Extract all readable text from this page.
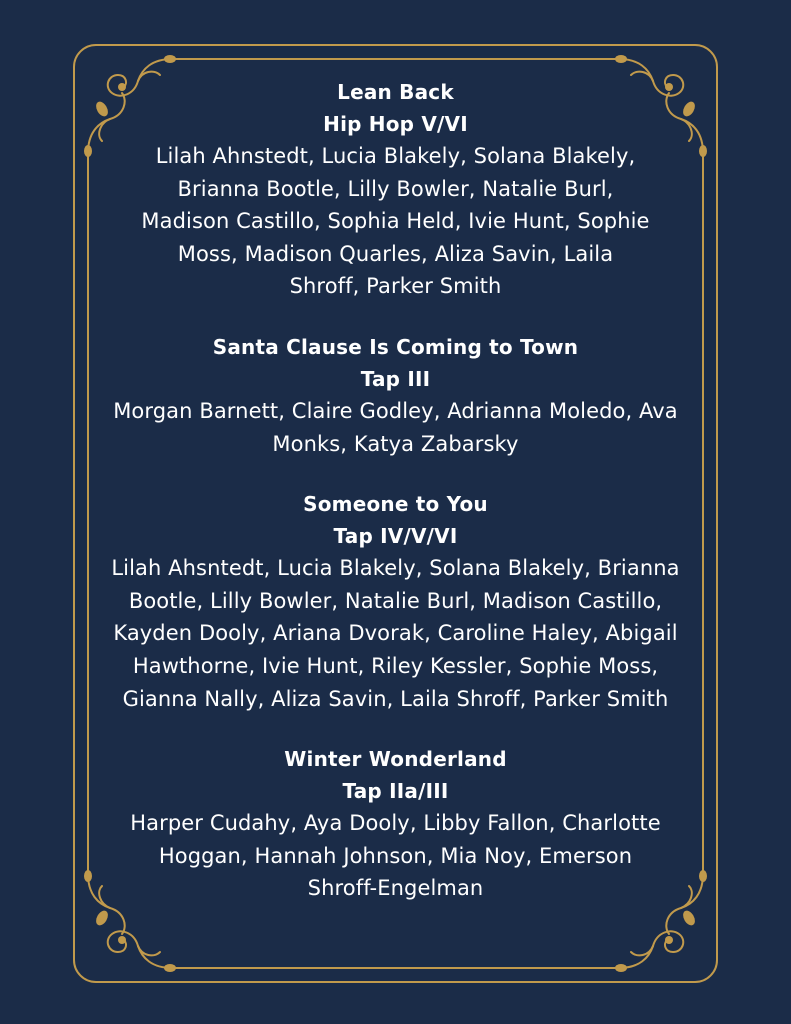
Lean Back
Hip Hop V/VI
Lilah Ahnstedt, Lucia Blakely, Solana Blakely, Brianna Bootle, Lilly Bowler, Natalie Burl, Madison Castillo, Sophia Held, Ivie Hunt, Sophie Moss, Madison Quarles, Aliza Savin, Laila Shroff, Parker Smith
Santa Clause Is Coming to Town
Tap III
Morgan Barnett, Claire Godley, Adrianna Moledo, Ava Monks, Katya Zabarsky
Someone to You
Tap IV/V/VI
Lilah Ahsntedt, Lucia Blakely, Solana Blakely, Brianna Bootle, Lilly Bowler, Natalie Burl, Madison Castillo, Kayden Dooly, Ariana Dvorak, Caroline Haley, Abigail Hawthorne, Ivie Hunt, Riley Kessler, Sophie Moss, Gianna Nally, Aliza Savin, Laila Shroff, Parker Smith
Winter Wonderland
Tap IIa/III
Harper Cudahy, Aya Dooly, Libby Fallon, Charlotte Hoggan, Hannah Johnson, Mia Noy, Emerson Shroff-Engelman
